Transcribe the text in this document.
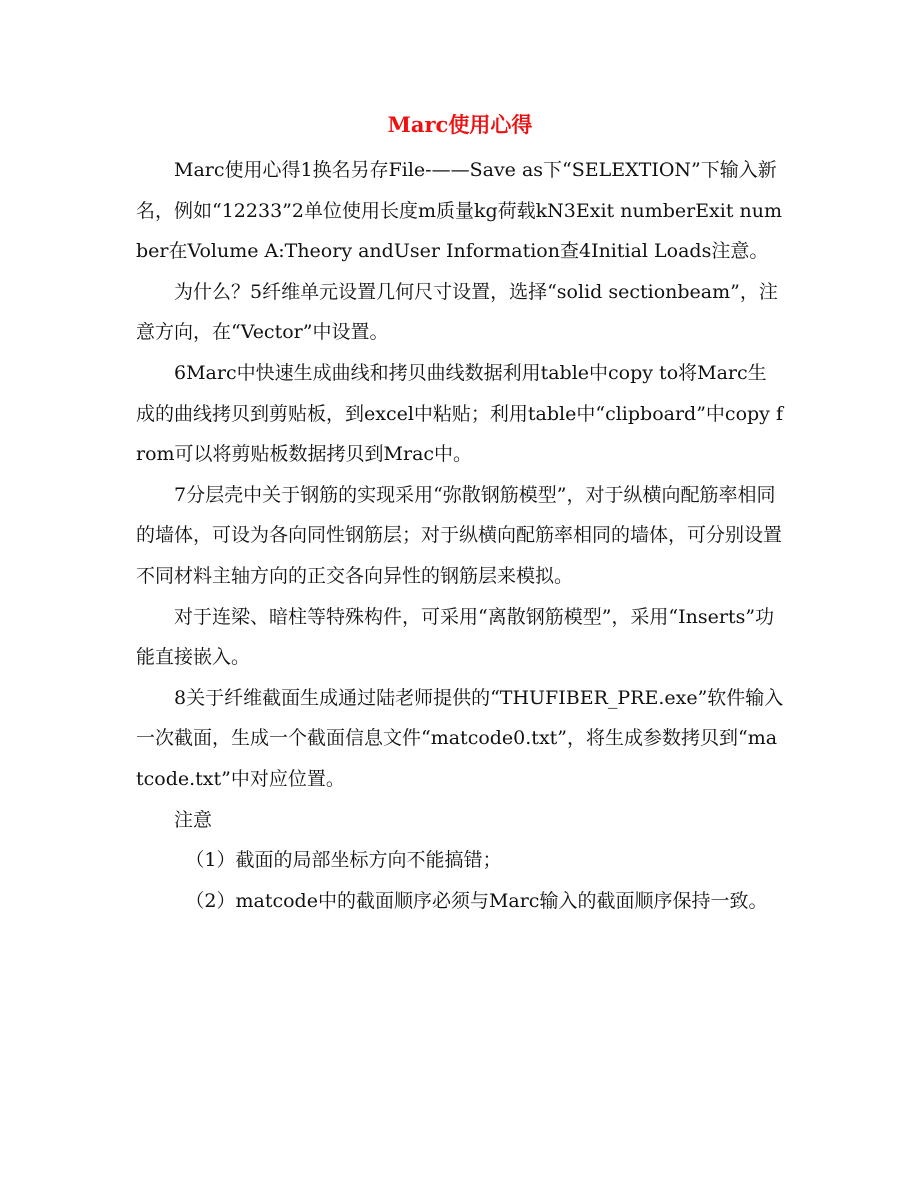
Marc使用心得

Marc使用心得1换名另存File-——Save as下“SELEXTION”下输入新名，例如“12233”2单位使用长度m质量kg荷载kN3Exit numberExit number在Volume A:Theory andUser Information查4Initial Loads注意。

为什么？5纤维单元设置几何尺寸设置，选择“solid sectionbeam”，注意方向，在“Vector”中设置。

6Marc中快速生成曲线和拷贝曲线数据利用table中copy to将Marc生成的曲线拷贝到剪贴板，到excel中粘贴；利用table中“clipboard”中copy from可以将剪贴板数据拷贝到Mrac中。

7分层壳中关于钢筋的实现采用“弥散钢筋模型”，对于纵横向配筋率相同的墙体，可设为各向同性钢筋层；对于纵横向配筋率相同的墙体，可分别设置不同材料主轴方向的正交各向异性的钢筋层来模拟。

对于连梁、暗柱等特殊构件，可采用“离散钢筋模型”，采用“Inserts”功能直接嵌入。

8关于纤维截面生成通过陆老师提供的“THUFIBER_PRE.exe”软件输入一次截面，生成一个截面信息文件“matcode0.txt”，将生成参数拷贝到“matcode.txt”中对应位置。

注意

（1）截面的局部坐标方向不能搞错；

（2）matcode中的截面顺序必须与Marc输入的截面顺序保持一致。
